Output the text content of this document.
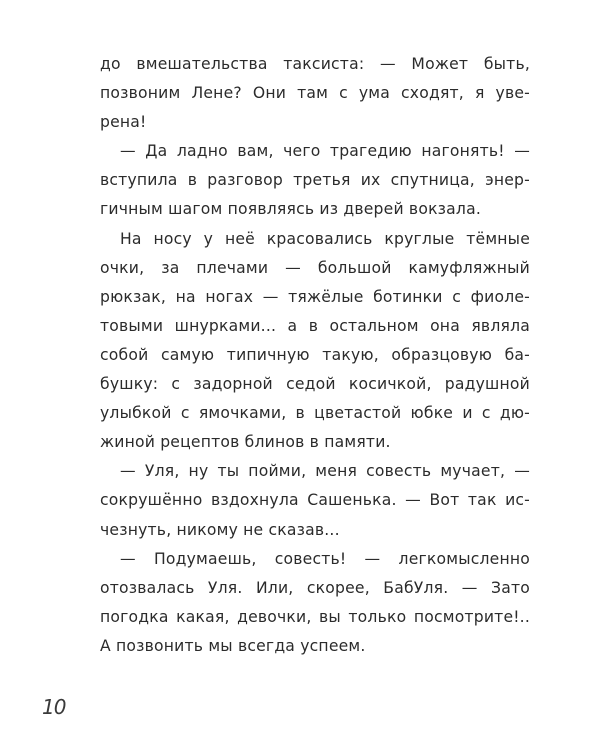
до вмешательства таксиста: — Может быть,
позвоним Лене? Они там с ума сходят, я уве-
рена!
— Да ладно вам, чего трагедию нагонять! —
вступила в разговор третья их спутница, энер-
гичным шагом появляясь из дверей вокзала.
На носу у неё красовались круглые тёмные
очки, за плечами — большой камуфляжный
рюкзак, на ногах — тяжёлые ботинки с фиоле-
товыми шнурками... а в остальном она являла
собой самую типичную такую, образцовую ба-
бушку: с задорной седой косичкой, радушной
улыбкой с ямочками, в цветастой юбке и с дю-
жиной рецептов блинов в памяти.
— Уля, ну ты пойми, меня совесть мучает, —
сокрушённо вздохнула Сашенька. — Вот так ис-
чезнуть, никому не сказав...
— Подумаешь, совесть! — легкомысленно
отозвалась Уля. Или, скорее, БабУля. — Зато
погодка какая, девочки, вы только посмотрите!..
А позвонить мы всегда успеем.
10
